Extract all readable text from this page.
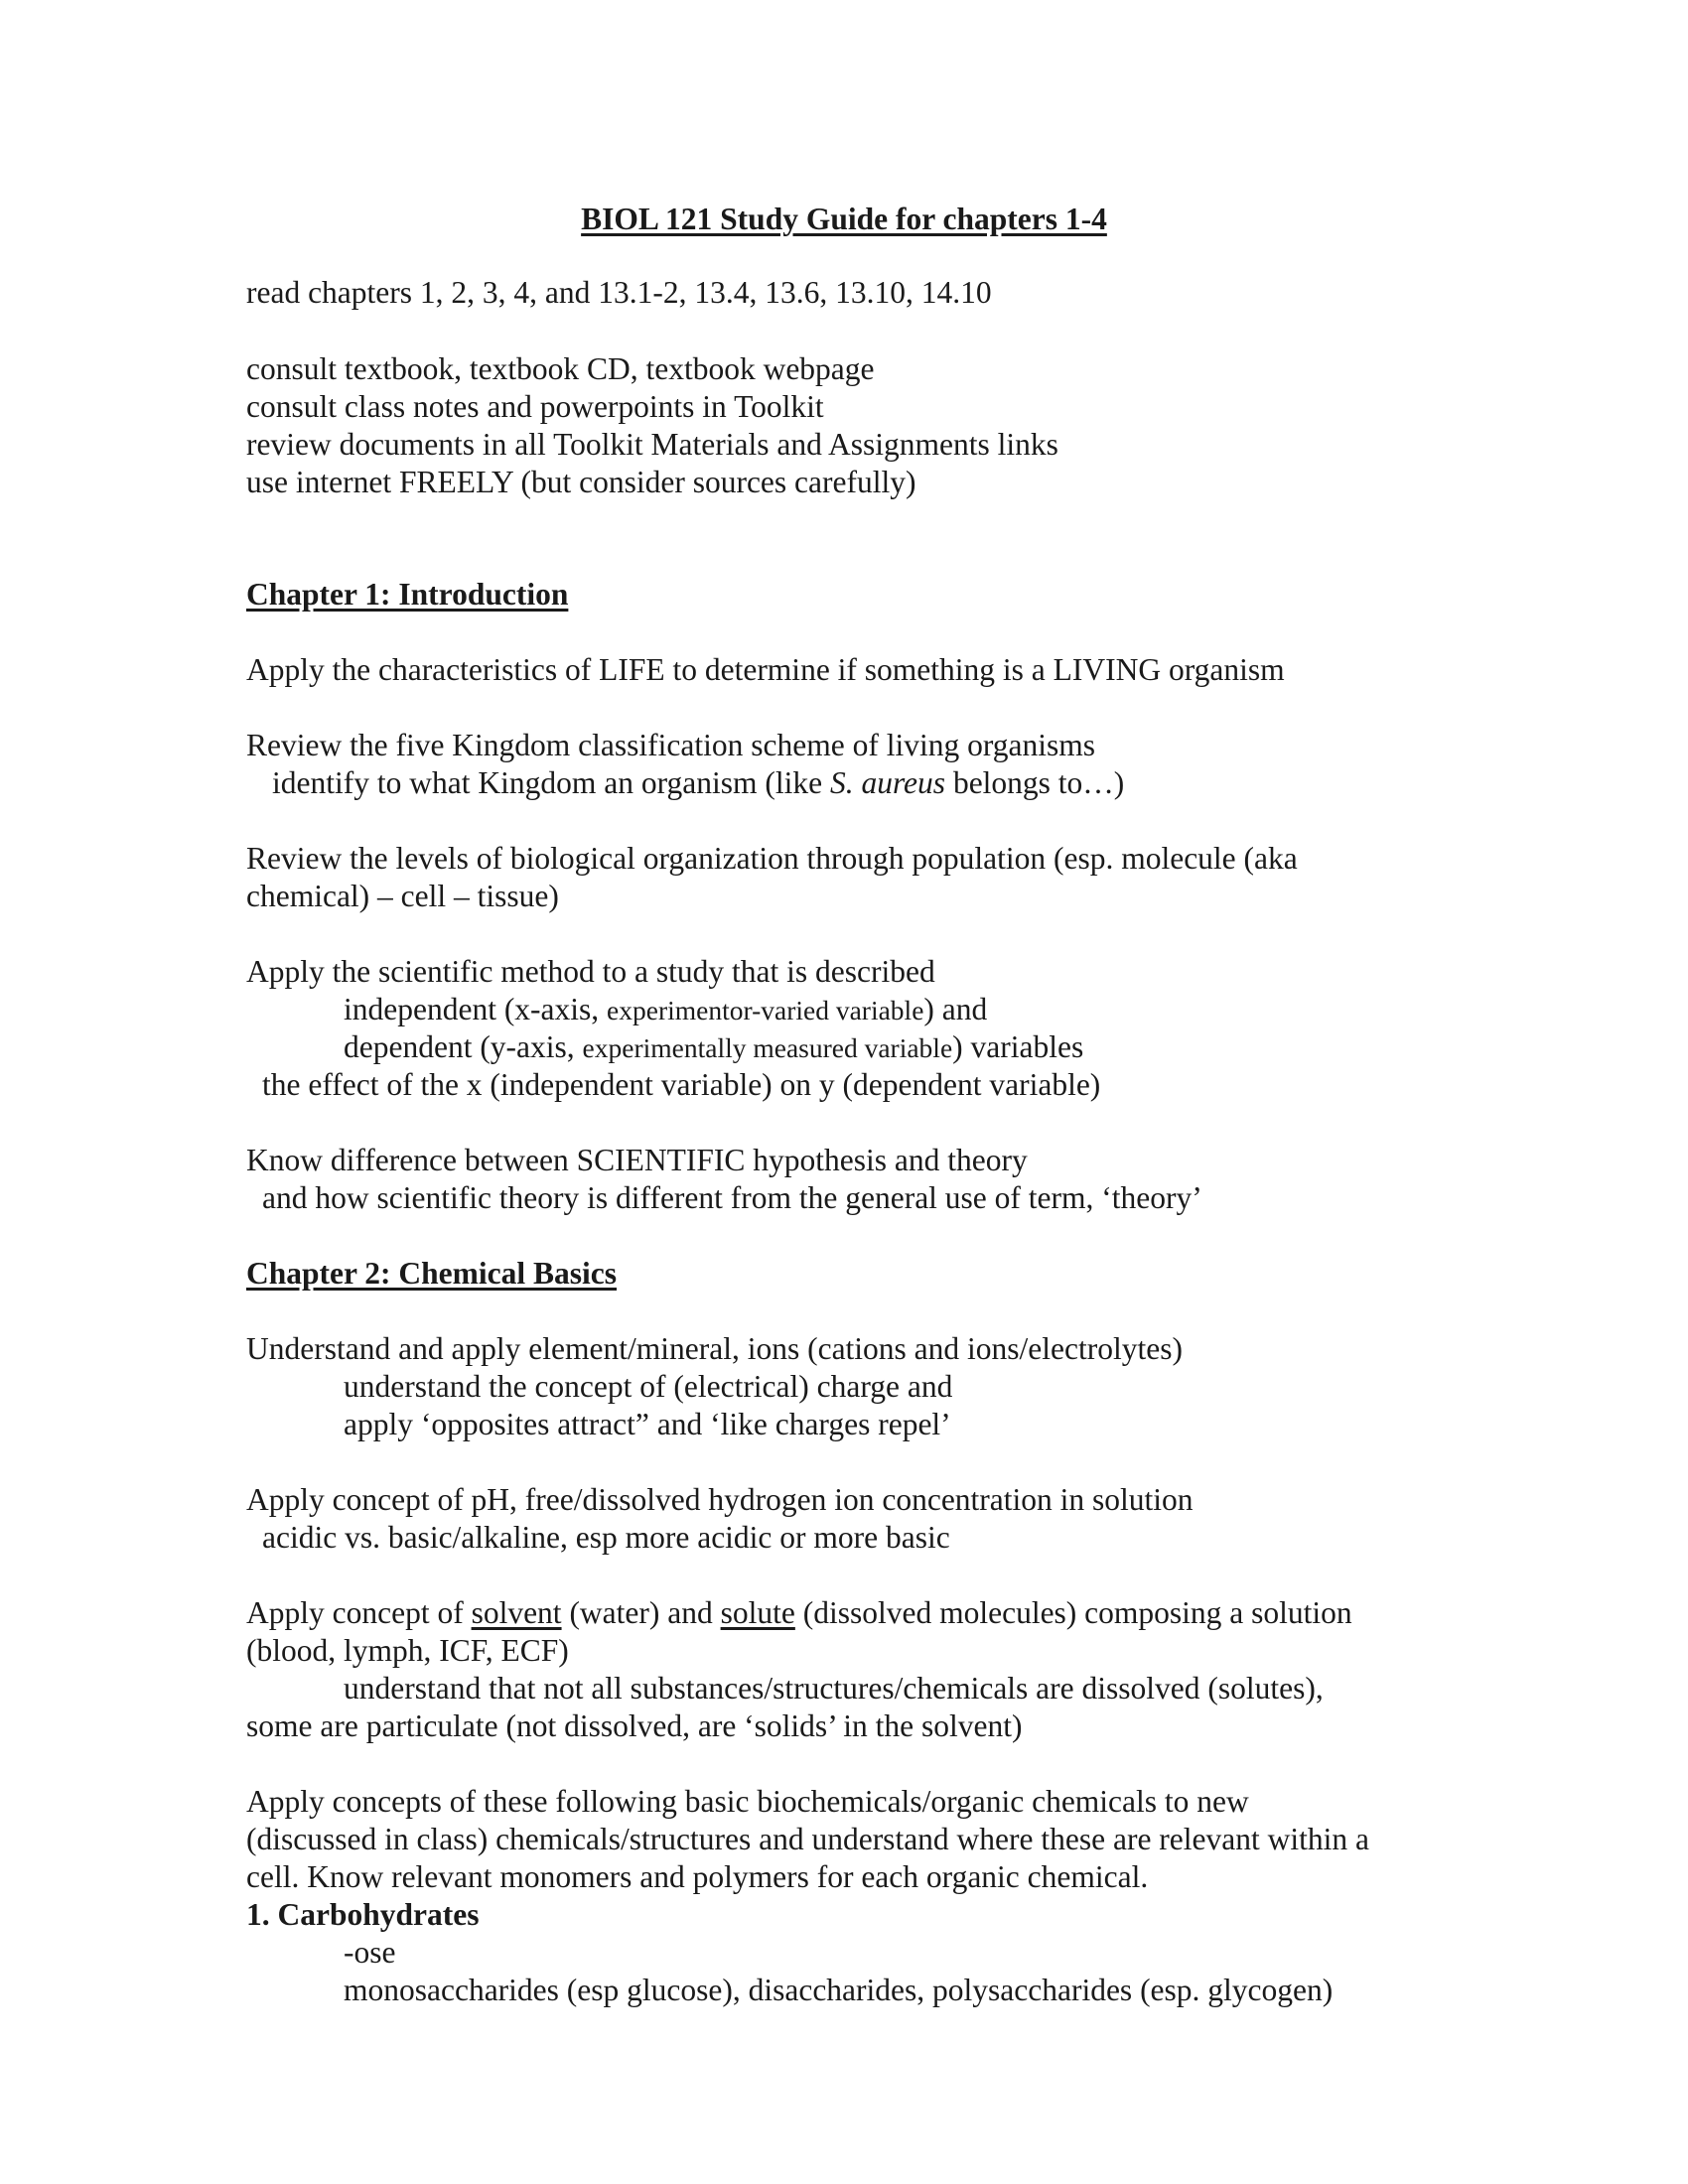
BIOL 121 Study Guide for chapters 1-4
read chapters 1, 2, 3, 4, and 13.1-2, 13.4, 13.6, 13.10, 14.10
consult textbook, textbook CD, textbook webpage
consult class notes and powerpoints in Toolkit
review documents in all Toolkit Materials and Assignments links
use internet FREELY (but consider sources carefully)
Chapter 1: Introduction
Apply the characteristics of LIFE to determine if something is a LIVING organism
Review the five Kingdom classification scheme of living organisms
identify to what Kingdom an organism (like S. aureus belongs to…)
Review the levels of biological organization through population (esp. molecule (aka
chemical) – cell – tissue)
Apply the scientific method to a study that is described
independent (x-axis, experimentor-varied variable) and
dependent (y-axis, experimentally measured variable) variables
the effect of the x (independent variable) on y (dependent variable)
Know difference between SCIENTIFIC hypothesis and theory
and how scientific theory is different from the general use of term, ‘theory’
Chapter 2: Chemical Basics
Understand and apply element/mineral, ions (cations and ions/electrolytes)
understand the concept of (electrical) charge and
apply ‘opposites attract” and ‘like charges repel’
Apply concept of pH, free/dissolved hydrogen ion concentration in solution
acidic vs. basic/alkaline, esp more acidic or more basic
Apply concept of solvent (water) and solute (dissolved molecules) composing a solution
(blood, lymph, ICF, ECF)
understand that not all substances/structures/chemicals are dissolved (solutes),
some are particulate (not dissolved, are ‘solids’ in the solvent)
Apply concepts of these following basic biochemicals/organic chemicals to new
(discussed in class) chemicals/structures and understand where these are relevant within a
cell. Know relevant monomers and polymers for each organic chemical.
1. Carbohydrates
-ose
monosaccharides (esp glucose), disaccharides, polysaccharides (esp. glycogen)
